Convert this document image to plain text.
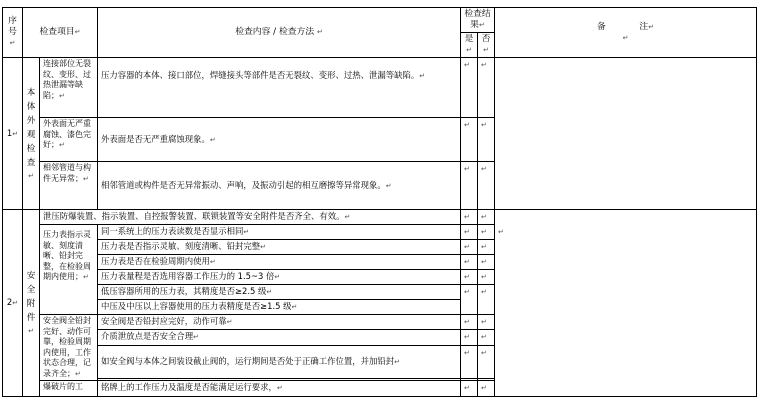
序号↵	检查项目↵		检查内容 / 检查方法 ↵	检查结果↵		备 注↵
↵
				是↵	否↵	
1↵	本体外观检查
↵	连接部位无裂纹、变形、过热泄漏等缺陷；↵	压力容器的本体、接口部位，焊缝接头等部件是否无裂纹、变形、过热、泄漏等缺陷。↵	↵	↵	
		外表面无严重腐蚀、漆色完好；↵	外表面是否无严重腐蚀现象。↵	↵	↵	
		相邻管道与构件无异常；↵	相邻管道或构件是否无异常振动、声响，及振动引起的相互磨擦等异常现象。↵	↵	↵	
2↵	安全附件
↵	泄压防爆装置、指示装置、自控报警装置、联锁装置等安全附件是否齐全、有效。↵		↵	↵	↵
		压力表指示灵敏、刻度清晰、铅封完整，在检验周期内使用；↵	同一系统上的压力表读数是否显示相同↵	↵	↵	
			压力表是否指示灵敏、刻度清晰、铅封完整↵	↵	↵	
			压力表是否在检验周期内使用↵	↵	↵	
			压力表量程是否选用容器工作压力的 1.5~3 倍↵	↵	↵	
			低压容器所用的压力表，其精度是否≥2.5 级↵	↵	↵	
			中压及中压以上容器使用的压力表精度是否≥1.5 级↵			
		安全阀全铅封完好、动作可靠，检验周期内使用，工作状态合理，记录齐全；↵	安全阀是否铅封应完好，动作可靠↵	↵	↵	
			介质泄放点是否安全合理↵	↵	↵	
			如安全阀与本体之间装设截止阀的，运行期间是否处于正确工作位置，并加铅封↵	↵	↵	

		爆破片的工	铭牌上的工作压力及温度是否能满足运行要求，↵	↵	↵	
